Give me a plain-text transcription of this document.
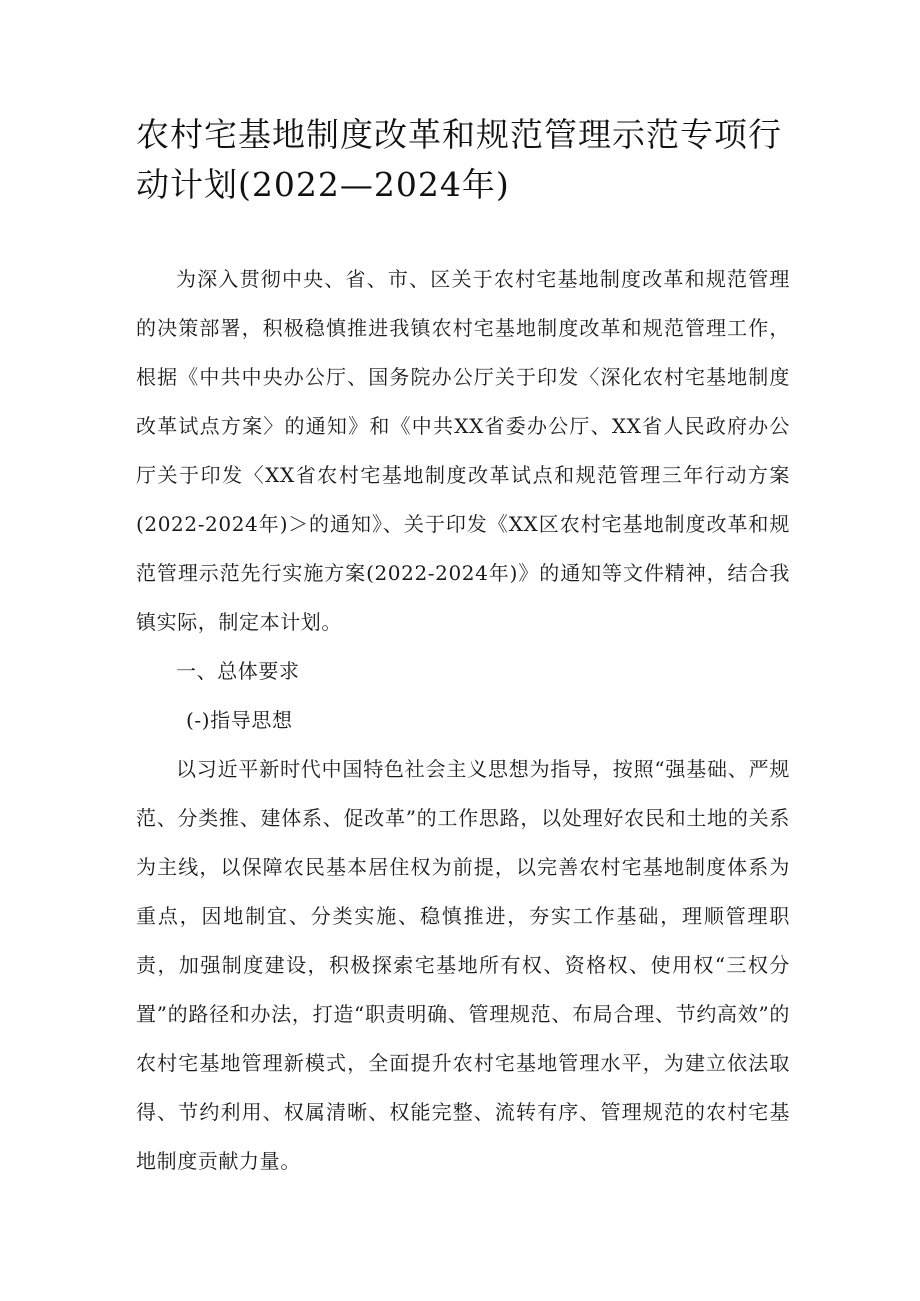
农村宅基地制度改革和规范管理示范专项行动计划(2022—2024年)

为深入贯彻中央、省、市、区关于农村宅基地制度改革和规范管理的决策部署，积极稳慎推进我镇农村宅基地制度改革和规范管理工作，根据《中共中央办公厅、国务院办公厅关于印发〈深化农村宅基地制度改革试点方案〉的通知》和《中共XX省委办公厅、XX省人民政府办公厅关于印发〈XX省农村宅基地制度改革试点和规范管理三年行动方案(2022-2024年)＞的通知》、关于印发《XX区农村宅基地制度改革和规范管理示范先行实施方案(2022-2024年)》的通知等文件精神，结合我镇实际，制定本计划。

一、总体要求

(-)指导思想

以习近平新时代中国特色社会主义思想为指导，按照“强基础、严规范、分类推、建体系、促改革”的工作思路，以处理好农民和土地的关系为主线，以保障农民基本居住权为前提，以完善农村宅基地制度体系为重点，因地制宜、分类实施、稳慎推进，夯实工作基础，理顺管理职责，加强制度建设，积极探索宅基地所有权、资格权、使用权“三权分置”的路径和办法，打造“职责明确、管理规范、布局合理、节约高效”的农村宅基地管理新模式，全面提升农村宅基地管理水平，为建立依法取得、节约利用、权属清晰、权能完整、流转有序、管理规范的农村宅基地制度贡献力量。
